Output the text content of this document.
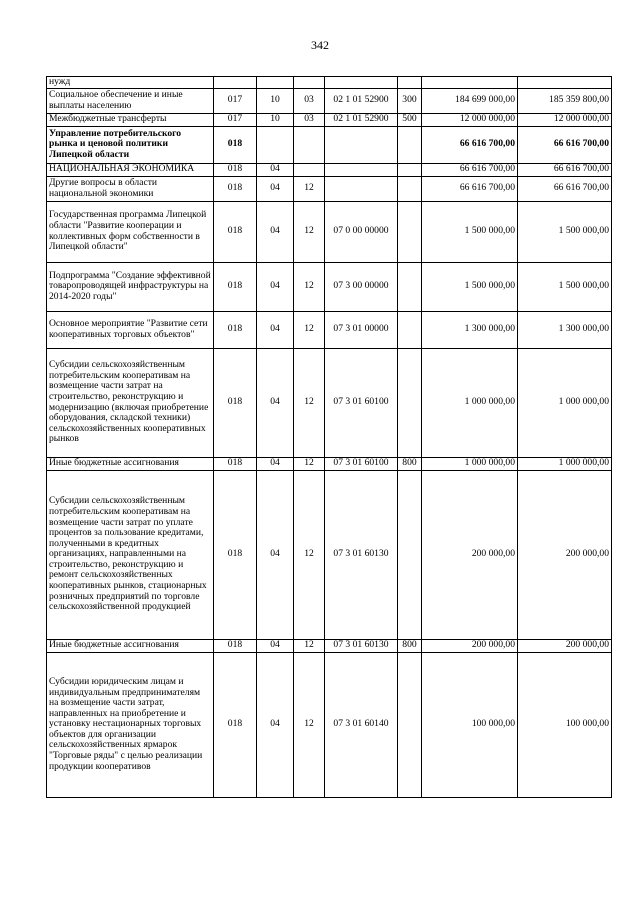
342
нужд							
Социальное обеспечение и иные выплаты населению	017	10	03	02 1 01 52900	300	184 699 000,00	185 359 800,00
Межбюджетные трансферты	017	10	03	02 1 01 52900	500	12 000 000,00	12 000 000,00
Управление потребительского рынка и ценовой политики Липецкой области	018					66 616 700,00	66 616 700,00
НАЦИОНАЛЬНАЯ ЭКОНОМИКА	018	04				66 616 700,00	66 616 700,00
Другие вопросы в области национальной экономики	018	04	12			66 616 700,00	66 616 700,00
Государственная программа Липецкой области "Развитие кооперации и коллективных форм собственности в Липецкой области"	018	04	12	07 0 00 00000		1 500 000,00	1 500 000,00
Подпрограмма "Создание эффективной товаропроводящей инфраструктуры на 2014-2020 годы"	018	04	12	07 3 00 00000		1 500 000,00	1 500 000,00
Основное мероприятие "Развитие сети кооперативных торговых объектов"	018	04	12	07 3 01 00000		1 300 000,00	1 300 000,00
Субсидии сельскохозяйственным потребительским кооперативам на возмещение части затрат на строительство, реконструкцию и модернизацию (включая приобретение оборудования, складской техники) сельскохозяйственных кооперативных рынков	018	04	12	07 3 01 60100		1 000 000,00	1 000 000,00
Иные бюджетные ассигнования	018	04	12	07 3 01 60100	800	1 000 000,00	1 000 000,00
Субсидии сельскохозяйственным потребительским кооперативам на возмещение части затрат по уплате процентов за пользование кредитами, полученными в кредитных организациях, направленными на строительство, реконструкцию и ремонт сельскохозяйственных кооперативных рынков, стационарных розничных предприятий по торговле сельскохозяйственной продукцией	018	04	12	07 3 01 60130		200 000,00	200 000,00
Иные бюджетные ассигнования	018	04	12	07 3 01 60130	800	200 000,00	200 000,00
Субсидии юридическим лицам и индивидуальным предпринимателям на возмещение части затрат, направленных на приобретение и установку нестационарных торговых объектов для организации сельскохозяйственных ярмарок "Торговые ряды" с целью реализации продукции кооперативов	018	04	12	07 3 01 60140		100 000,00	100 000,00
